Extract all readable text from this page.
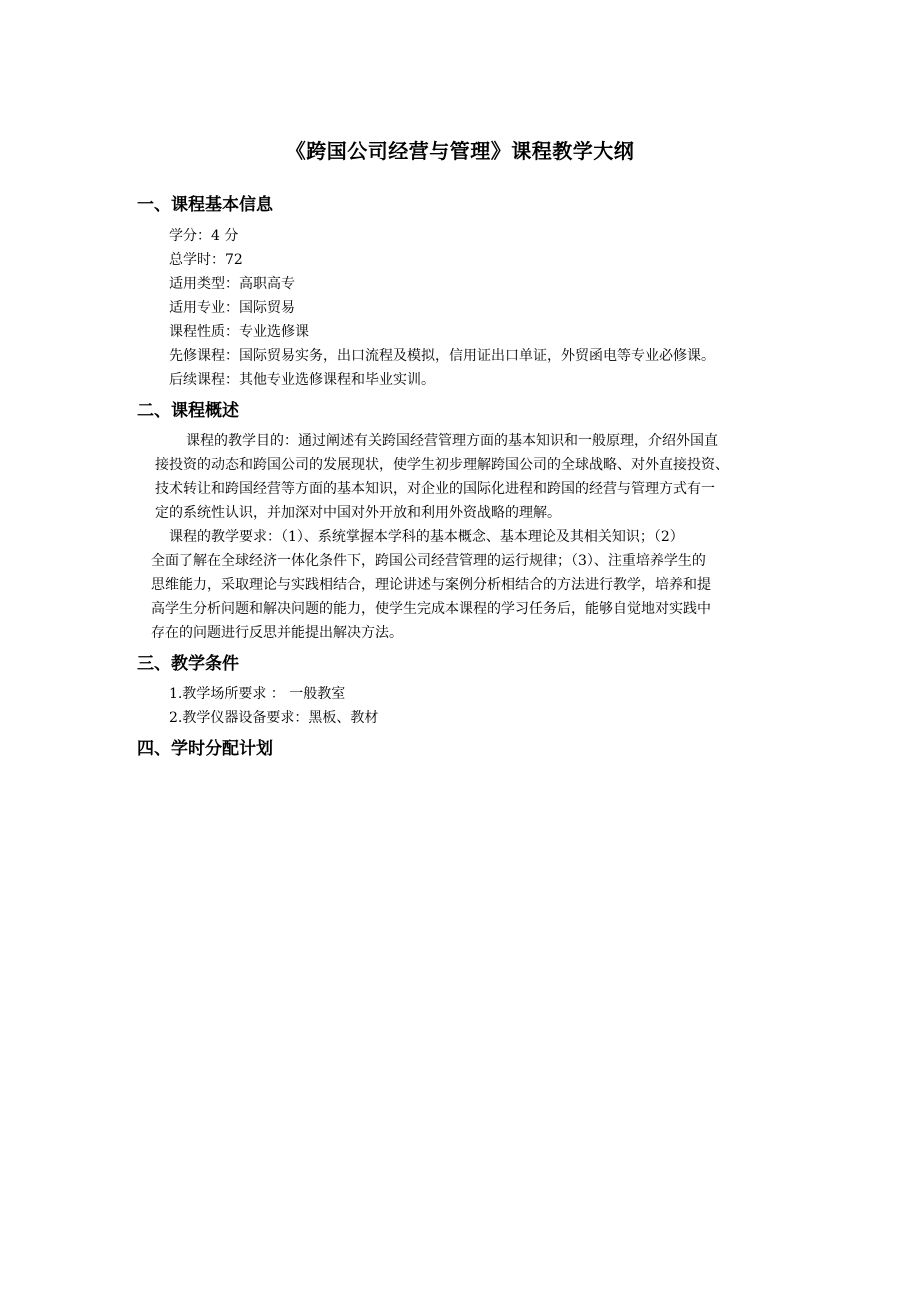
《跨国公司经营与管理》课程教学大纲
一、课程基本信息
学分：4 分
总学时：72
适用类型：高职高专
适用专业：国际贸易
课程性质：专业选修课
先修课程：国际贸易实务，出口流程及模拟，信用证出口单证，外贸函电等专业必修课。
后续课程：其他专业选修课程和毕业实训。
二、课程概述
课程的教学目的：通过阐述有关跨国经营管理方面的基本知识和一般原理，介绍外国直
接投资的动态和跨国公司的发展现状，使学生初步理解跨国公司的全球战略、对外直接投资、
技术转让和跨国经营等方面的基本知识，对企业的国际化进程和跨国的经营与管理方式有一
定的系统性认识，并加深对中国对外开放和利用外资战略的理解。
课程的教学要求：（1）、系统掌握本学科的基本概念、基本理论及其相关知识；（2）
全面了解在全球经济一体化条件下，跨国公司经营管理的运行规律；（3）、注重培养学生的
思维能力，采取理论与实践相结合，理论讲述与案例分析相结合的方法进行教学，培养和提
高学生分析问题和解决问题的能力，使学生完成本课程的学习任务后，能够自觉地对实践中
存在的问题进行反思并能提出解决方法。
三、教学条件
1.教学场所要求 ： 一般教室
2.教学仪器设备要求：黑板、教材
四、学时分配计划
